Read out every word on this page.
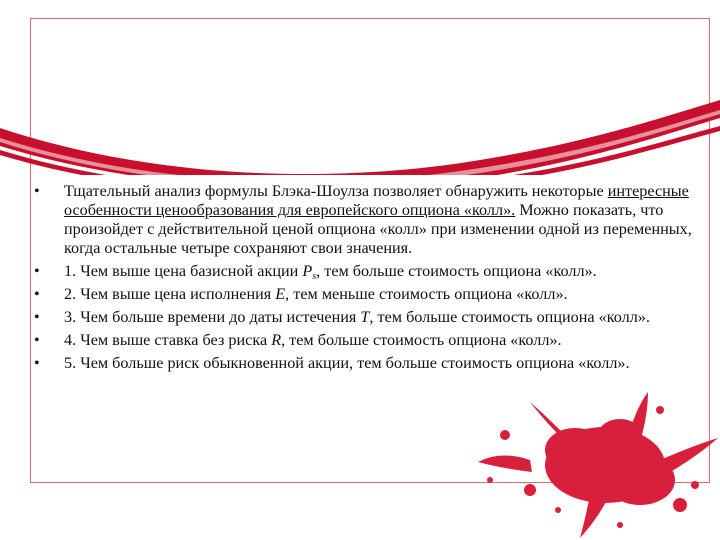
• Тщательный анализ формулы Блэка-Шоулза позволяет обнаружить некоторые интересные особенности ценообразования для европейского опциона «колл». Можно показать, что произойдет с действительной ценой опциона «колл» при изменении одной из переменных, когда остальные четыре сохраняют свои значения.
• 1. Чем выше цена базисной акции $P_s$, тем больше стоимость опциона «колл».
• 2. Чем выше цена исполнения E, тем меньше стоимость опциона «колл».
• 3. Чем больше времени до даты истечения T, тем больше стоимость опциона «колл».
• 4. Чем выше ставка без риска R, тем больше стоимость опциона «колл».
• 5. Чем больше риск обыкновенной акции, тем больше стоимость опциона «колл».
